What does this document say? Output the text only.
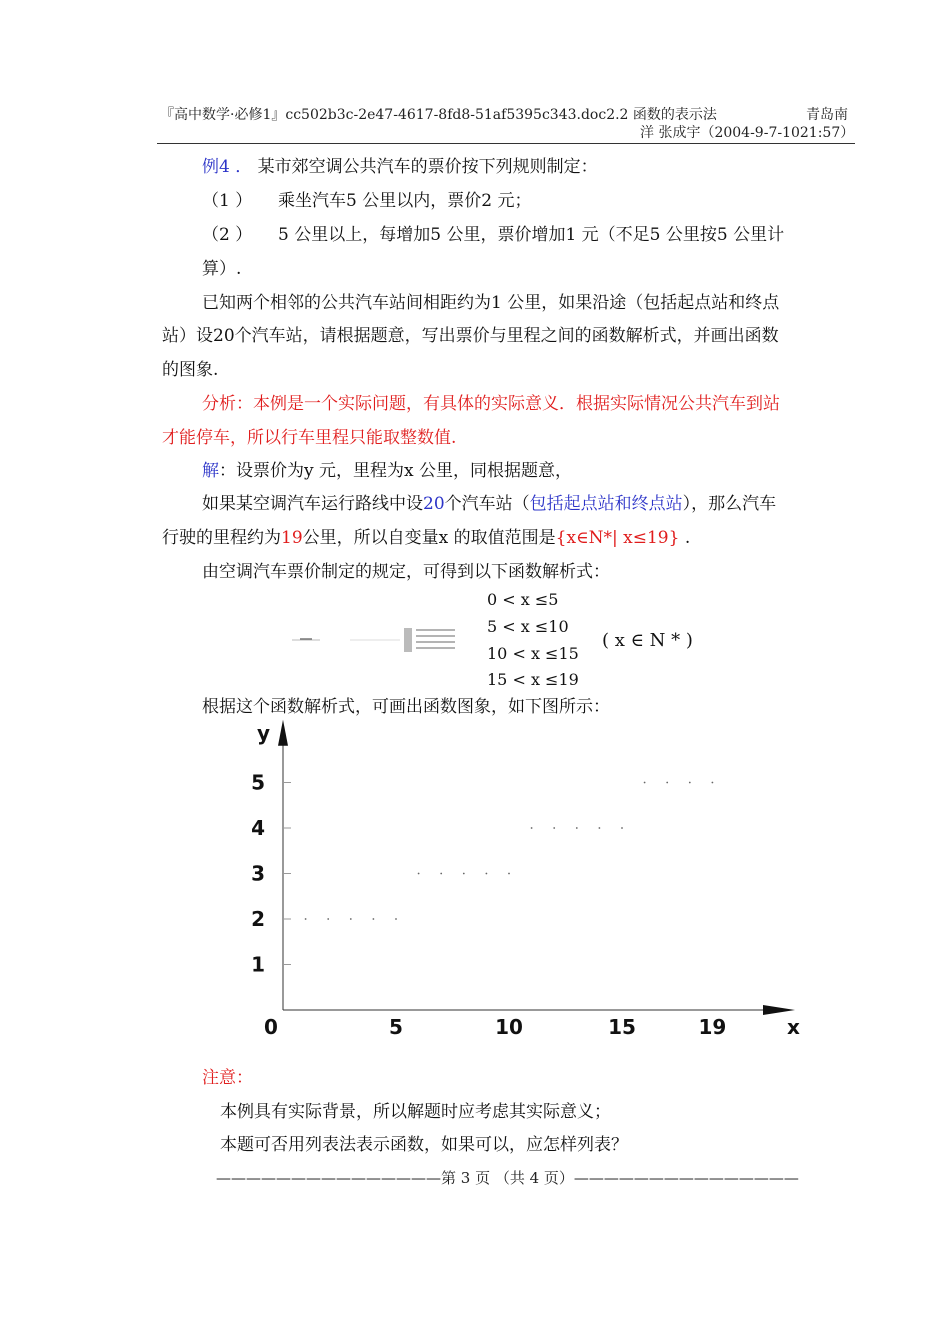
『高中数学·必修1』cc502b3c-2e47-4617-8fd8-51af5395c343.doc2.2 函数的表示法	青岛南
洋 张成宇（2004-9-7-1021:57）
例4 ． 某市郊空调公共汽车的票价按下列规则制定：
（1 ） 乘坐汽车5 公里以内，票价2 元；
（2 ） 5 公里以上，每增加5 公里，票价增加1 元（不足5 公里按5 公里计
算）.
已知两个相邻的公共汽车站间相距约为1 公里，如果沿途（包括起点站和终点
站）设20个汽车站，请根据题意，写出票价与里程之间的函数解析式，并画出函数
的图象.
分析：本例是一个实际问题，有具体的实际意义．根据实际情况公共汽车到站
才能停车，所以行车里程只能取整数值.
解：设票价为y 元，里程为x 公里，同根据题意，
如果某空调汽车运行路线中设20个汽车站（包括起点站和终点站），那么汽车
行驶的里程约为19公里，所以自变量x 的取值范围是{x∈N*| x≤19} .
由空调汽车票价制定的规定，可得到以下函数解析式：
0 < x ≤5
5 < x ≤10
10 < x ≤15
15 < x ≤19
( x ∈ N * )
根据这个函数解析式，可画出函数图象，如下图所示：
x
y
0	5	10	15	19
1
2
3
4
5
注意：
本例具有实际背景，所以解题时应考虑其实际意义；
本题可否用列表法表示函数，如果可以，应怎样列表？
———————————————第 3 页 （共 4 页）———————————————
